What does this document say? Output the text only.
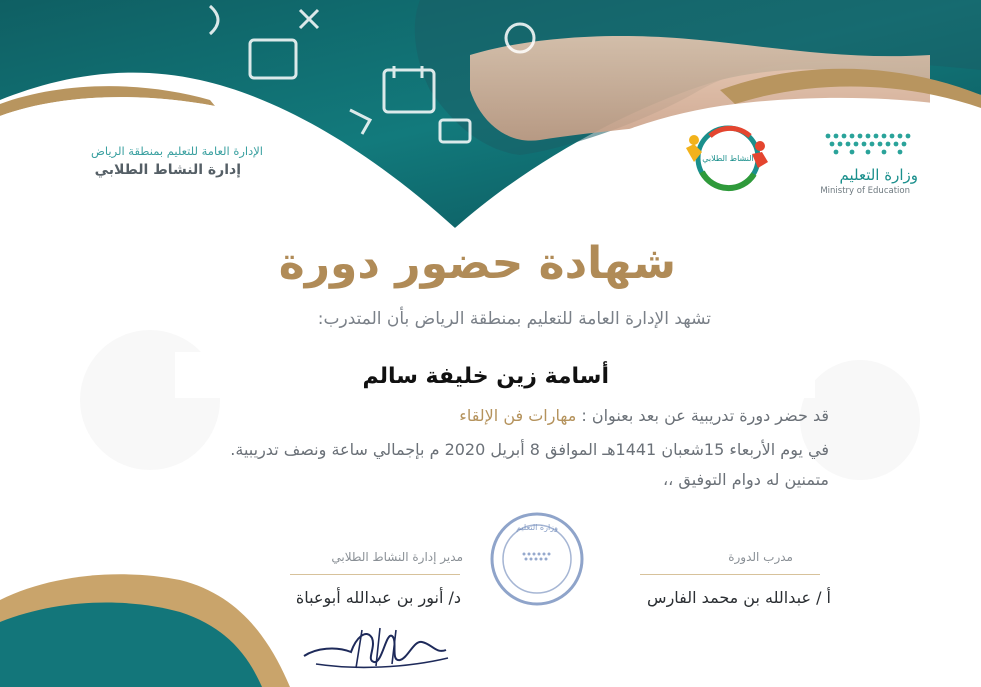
وزارة التعليم
Ministry of Education
النشاط الطلابي
الإدارة العامة للتعليم بمنطقة الرياض
إدارة النشاط الطلابي
شهادة حضور دورة
تشهد الإدارة العامة للتعليم بمنطقة الرياض بأن المتدرب:
أسامة زين خليفة سالم
قد حضر دورة تدريبية عن بعد بعنوان : مهارات فن الإلقاء
في يوم الأربعاء 15شعبان 1441هـ الموافق 8 أبريل 2020 م بإجمالي ساعة ونصف تدريبية.
متمنين له دوام التوفيق ،،
مدرب الدورة
أ / عبدالله بن محمد الفارس
مدير إدارة النشاط الطلابي
د/ أنور بن عبدالله أبوعباة
وزارة التعليم
